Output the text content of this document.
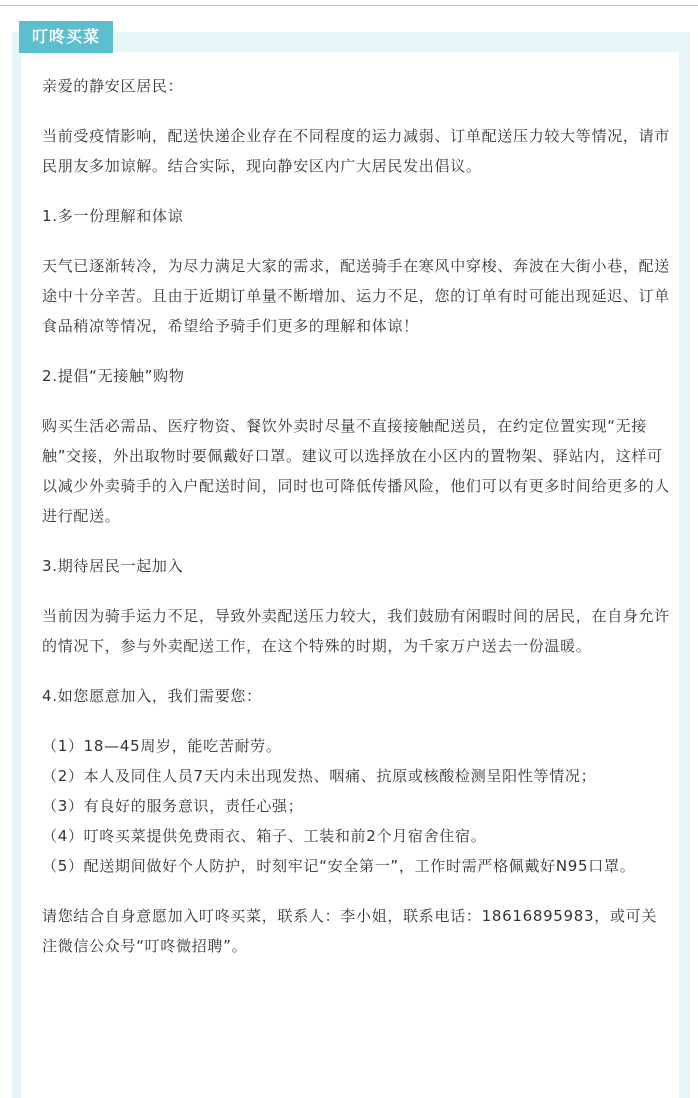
叮咚买菜

亲爱的静安区居民：

当前受疫情影响，配送快递企业存在不同程度的运力减弱、订单配送压力较大等情况，请市民朋友多加谅解。结合实际，现向静安区内广大居民发出倡议。

1.多一份理解和体谅

天气已逐渐转冷，为尽力满足大家的需求，配送骑手在寒风中穿梭、奔波在大街小巷，配送途中十分辛苦。且由于近期订单量不断增加、运力不足，您的订单有时可能出现延迟、订单食品稍凉等情况，希望给予骑手们更多的理解和体谅！

2.提倡“无接触”购物

购买生活必需品、医疗物资、餐饮外卖时尽量不直接接触配送员，在约定位置实现“无接触”交接，外出取物时要佩戴好口罩。建议可以选择放在小区内的置物架、驿站内，这样可以减少外卖骑手的入户配送时间，同时也可降低传播风险，他们可以有更多时间给更多的人进行配送。

3.期待居民一起加入

当前因为骑手运力不足，导致外卖配送压力较大，我们鼓励有闲暇时间的居民，在自身允许的情况下，参与外卖配送工作，在这个特殊的时期，为千家万户送去一份温暖。

4.如您愿意加入，我们需要您：

（1）18—45周岁，能吃苦耐劳。

（2）本人及同住人员7天内未出现发热、咽痛、抗原或核酸检测呈阳性等情况；

（3）有良好的服务意识，责任心强；

（4）叮咚买菜提供免费雨衣、箱子、工装和前2个月宿舍住宿。

（5）配送期间做好个人防护，时刻牢记“安全第一”，工作时需严格佩戴好N95口罩。

请您结合自身意愿加入叮咚买菜，联系人：李小姐，联系电话：18616895983，或可关注微信公众号“叮咚微招聘”。
